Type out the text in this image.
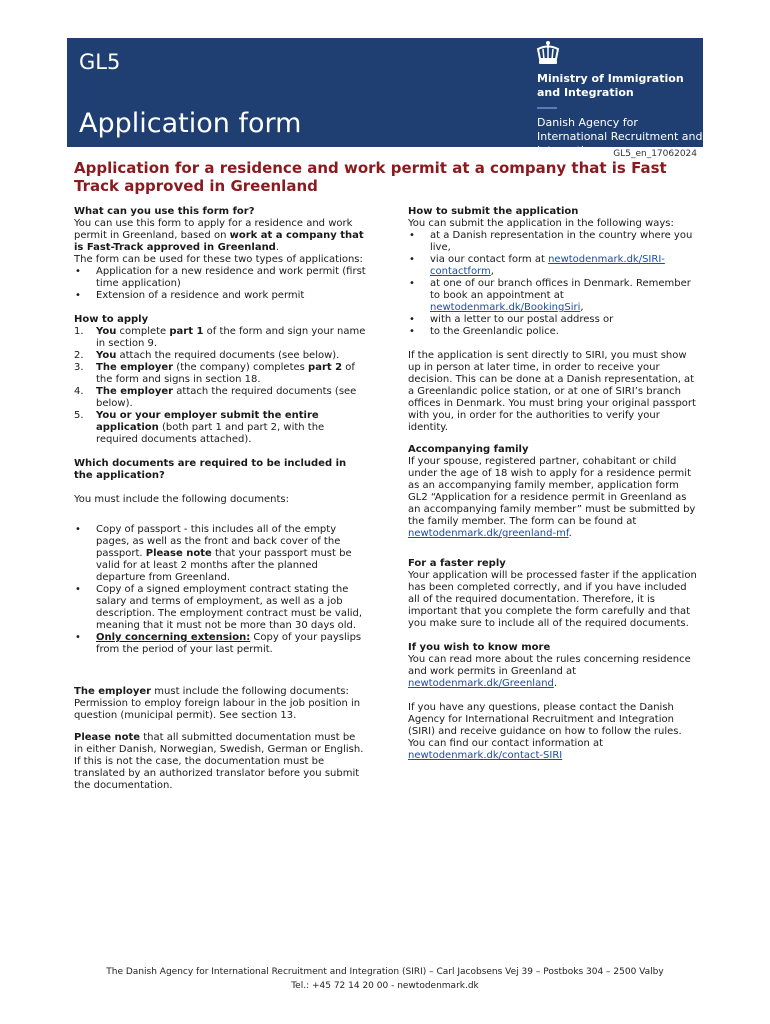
GL5
Application form
Ministry of Immigration and Integration
Danish Agency for International Recruitment and Integration	GL5_en_17062024
Application for a residence and work permit at a company that is Fast Track approved in Greenland

What can you use this form for?

You can use this form to apply for a residence and work permit in Greenland, based on work at a company that is Fast-Track approved in Greenland.

The form can be used for these two types of applications:

• Application for a new residence and work permit (first time application)
• Extension of a residence and work permit

How to apply

1. You complete part 1 of the form and sign your name in section 9.
2. You attach the required documents (see below).
3. The employer (the company) completes part 2 of the form and signs in section 18.
4. The employer attach the required documents (see below).
5. You or your employer submit the entire application (both part 1 and part 2, with the required documents attached).

Which documents are required to be included in the application?

You must include the following documents:

• Copy of passport - this includes all of the empty pages, as well as the front and back cover of the passport. Please note that your passport must be valid for at least 2 months after the planned departure from Greenland.
• Copy of a signed employment contract stating the salary and terms of employment, as well as a job description. The employment contract must be valid, meaning that it must not be more than 30 days old.
• Only concerning extension: Copy of your payslips from the period of your last permit.

The employer must include the following documents: Permission to employ foreign labour in the job position in question (municipal permit). See section 13.

Please note that all submitted documentation must be in either Danish, Norwegian, Swedish, German or English. If this is not the case, the documentation must be translated by an authorized translator before you submit the documentation.

How to submit the application

You can submit the application in the following ways:

• at a Danish representation in the country where you live,
• via our contact form at newtodenmark.dk/SIRI-contactform,
• at one of our branch offices in Denmark. Remember to book an appointment at newtodenmark.dk/BookingSiri,
• with a letter to our postal address or
• to the Greenlandic police.

If the application is sent directly to SIRI, you must show up in person at later time, in order to receive your decision. This can be done at a Danish representation, at a Greenlandic police station, or at one of SIRI’s branch offices in Denmark. You must bring your original passport with you, in order for the authorities to verify your identity.

Accompanying family

If your spouse, registered partner, cohabitant or child under the age of 18 wish to apply for a residence permit as an accompanying family member, application form GL2 “Application for a residence permit in Greenland as an accompanying family member” must be submitted by the family member. The form can be found at newtodenmark.dk/greenland-mf.

For a faster reply

Your application will be processed faster if the application has been completed correctly, and if you have included all of the required documentation. Therefore, it is important that you complete the form carefully and that you make sure to include all of the required documents.

If you wish to know more

You can read more about the rules concerning residence and work permits in Greenland at newtodenmark.dk/Greenland.

If you have any questions, please contact the Danish Agency for International Recruitment and Integration (SIRI) and receive guidance on how to follow the rules. You can find our contact information at newtodenmark.dk/contact-SIRI

The Danish Agency for International Recruitment and Integration (SIRI) – Carl Jacobsens Vej 39 – Postboks 304 – 2500 Valby
Tel.: +45 72 14 20 00 - newtodenmark.dk
